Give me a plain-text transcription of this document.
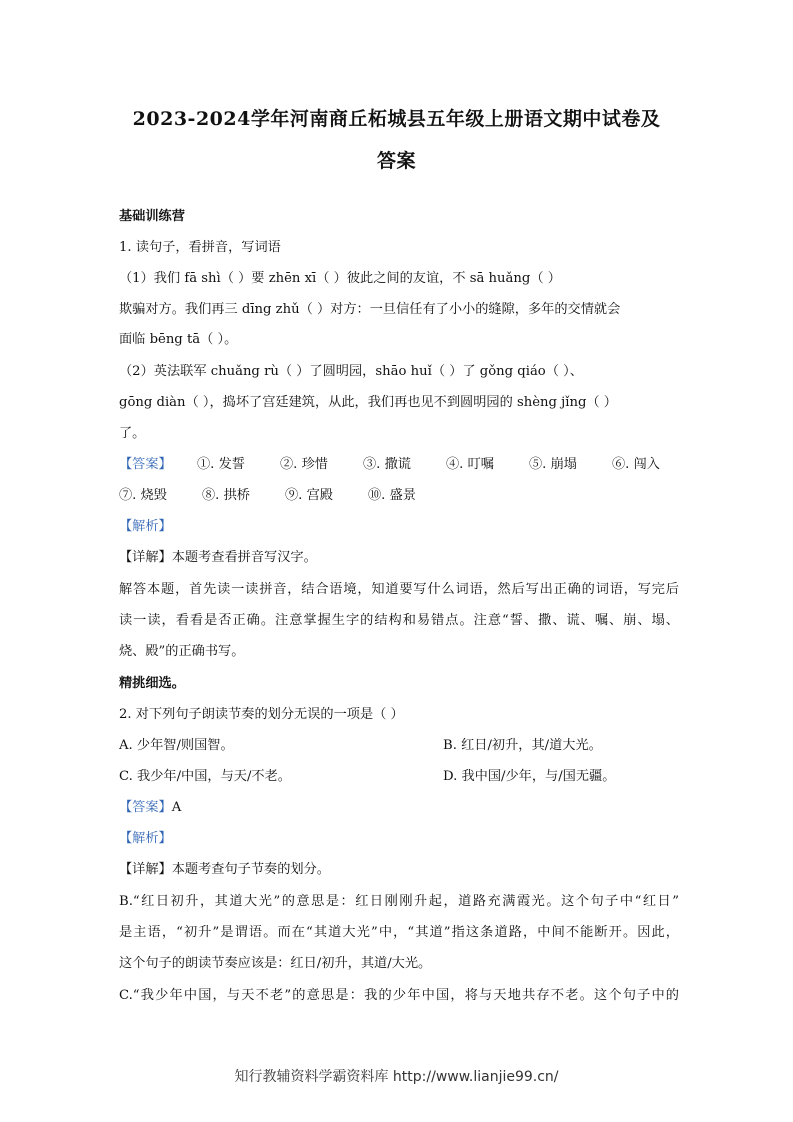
2023-2024学年河南商丘柘城县五年级上册语文期中试卷及
答案
基础训练营
1. 读句子，看拼音，写词语
（1）我们 fā shì（ ）要 zhēn xī（ ）彼此之间的友谊，不 sā huǎng（ ）
欺骗对方。我们再三 dīng zhǔ（ ）对方：一旦信任有了小小的缝隙，多年的交情就会
面临 bēng tā（ ）。
（2）英法联军 chuǎng rù（ ）了圆明园，shāo huǐ（ ）了 gǒng qiáo（ ）、
gōng diàn（ ），捣坏了宫廷建筑，从此，我们再也见不到圆明园的 shèng jǐng（ ）
了。
【答案】 ①. 发誓	②. 珍惜	③. 撒谎	④. 叮嘱	⑤. 崩塌	⑥. 闯入
⑦. 烧毁	⑧. 拱桥	⑨. 宫殿	⑩. 盛景
【解析】
【详解】本题考查看拼音写汉字。
解答本题，首先读一读拼音，结合语境，知道要写什么词语，然后写出正确的词语，写完后
读一读，看看是否正确。注意掌握生字的结构和易错点。注意“誓、撒、谎、嘱、崩、塌、
烧、殿”的正确书写。
精挑细选。
2. 对下列句子朗读节奏的划分无误的一项是（ ）
A. 少年智/则国智。	B. 红日/初升，其/道大光。
C. 我少年/中国，与天/不老。	D. 我中国/少年，与/国无疆。
【答案】A
【解析】
【详解】本题考查句子节奏的划分。
B.“红日初升，其道大光”的意思是：红日刚刚升起，道路充满霞光。这个句子中“红日”
是主语，“初升”是谓语。而在“其道大光”中，“其道”指这条道路，中间不能断开。因此，
这个句子的朗读节奏应该是：红日/初升，其道/大光。
C.“我少年中国，与天不老”的意思是：我的少年中国，将与天地共存不老。这个句子中的
知行教辅资料学霸资料库 http://www.lianjie99.cn/
